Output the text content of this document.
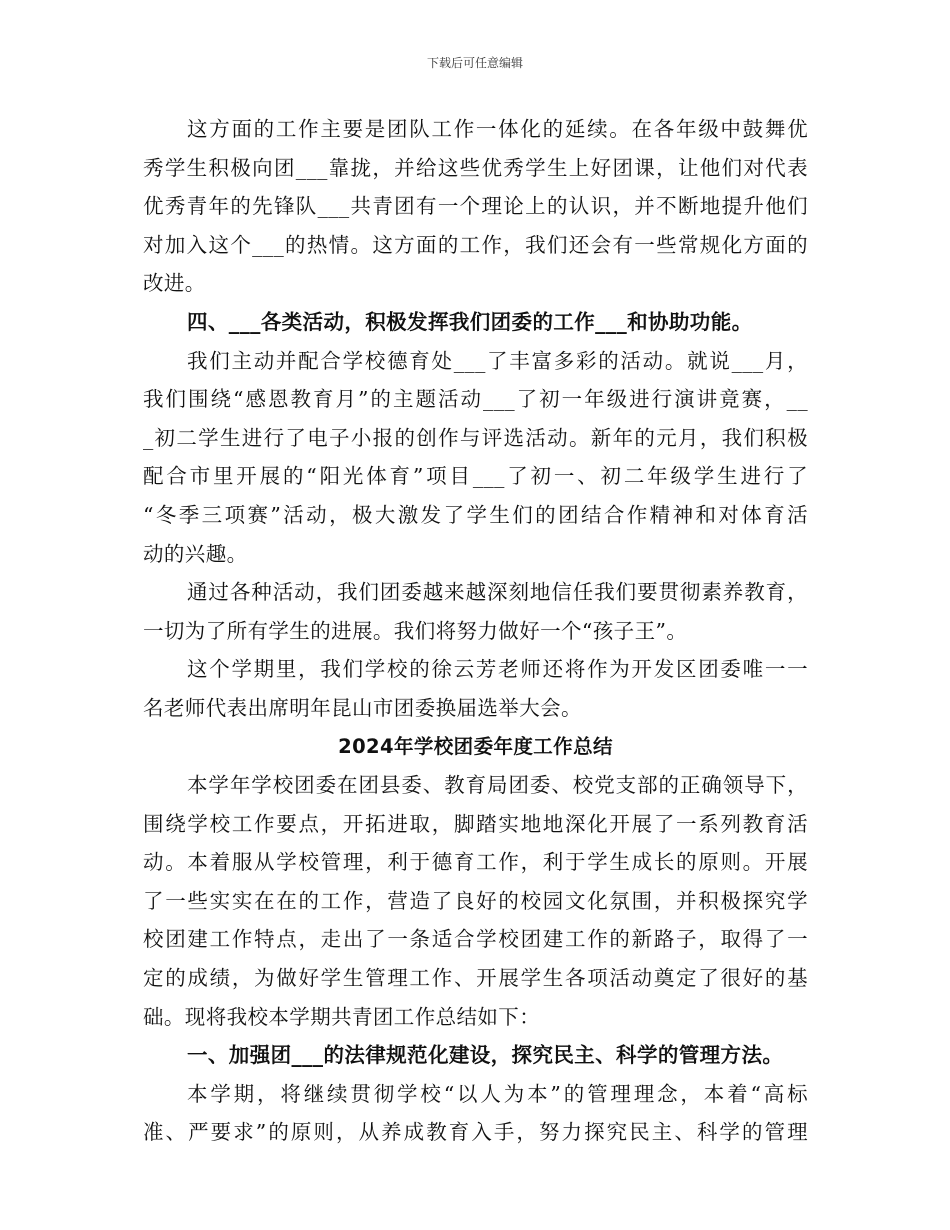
下载后可任意编辑
这方面的工作主要是团队工作一体化的延续。在各年级中鼓舞优
秀学生积极向团___靠拢，并给这些优秀学生上好团课，让他们对代表
优秀青年的先锋队___共青团有一个理论上的认识，并不断地提升他们
对加入这个___的热情。这方面的工作，我们还会有一些常规化方面的
改进。
四、___各类活动，积极发挥我们团委的工作___和协助功能。
我们主动并配合学校德育处___了丰富多彩的活动。就说___月，
我们围绕“感恩教育月”的主题活动___了初一年级进行演讲竟赛，__
_初二学生进行了电子小报的创作与评选活动。新年的元月，我们积极
配合市里开展的“阳光体育”项目___了初一、初二年级学生进行了
“冬季三项赛”活动，极大激发了学生们的团结合作精神和对体育活
动的兴趣。
通过各种活动，我们团委越来越深刻地信任我们要贯彻素养教育，
一切为了所有学生的进展。我们将努力做好一个“孩子王”。
这个学期里，我们学校的徐云芳老师还将作为开发区团委唯一一
名老师代表出席明年昆山市团委换届选举大会。
2024年学校团委年度工作总结
本学年学校团委在团县委、教育局团委、校党支部的正确领导下，
围绕学校工作要点，开拓进取，脚踏实地地深化开展了一系列教育活
动。本着服从学校管理，利于德育工作，利于学生成长的原则。开展
了一些实实在在的工作，营造了良好的校园文化氛围，并积极探究学
校团建工作特点，走出了一条适合学校团建工作的新路子，取得了一
定的成绩，为做好学生管理工作、开展学生各项活动奠定了很好的基
础。现将我校本学期共青团工作总结如下：
一、加强团___的法律规范化建设，探究民主、科学的管理方法。
本学期，将继续贯彻学校“以人为本”的管理理念，本着“高标
准、严要求”的原则，从养成教育入手，努力探究民主、科学的管理
